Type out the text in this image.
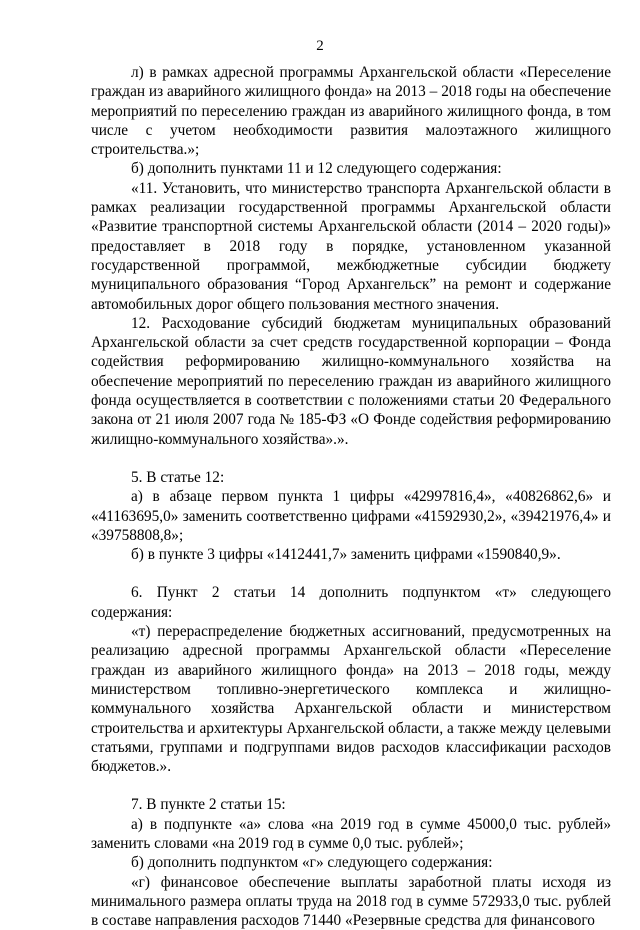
2

л) в рамках адресной программы Архангельской области «Переселение граждан из аварийного жилищного фонда» на 2013 – 2018 годы на обеспечение мероприятий по переселению граждан из аварийного жилищного фонда, в том числе с учетом необходимости развития малоэтажного жилищного строительства.»;

б) дополнить пунктами 11 и 12 следующего содержания:

«11. Установить, что министерство транспорта Архангельской области в рамках реализации государственной программы Архангельской области «Развитие транспортной системы Архангельской области (2014 – 2020 годы)» предоставляет в 2018 году в порядке, установленном указанной государственной программой, межбюджетные субсидии бюджету муниципального образования “Город Архангельск” на ремонт и содержание автомобильных дорог общего пользования местного значения.

12. Расходование субсидий бюджетам муниципальных образований Архангельской области за счет средств государственной корпорации – Фонда содействия реформированию жилищно-коммунального хозяйства на обеспечение мероприятий по переселению граждан из аварийного жилищного фонда осуществляется в соответствии с положениями статьи 20 Федерального закона от 21 июля 2007 года № 185-ФЗ «О Фонде содействия реформированию жилищно-коммунального хозяйства».».

5. В статье 12:

а) в абзаце первом пункта 1 цифры «42997816,4», «40826862,6» и «41163695,0» заменить соответственно цифрами «41592930,2», «39421976,4» и «39758808,8»;

б) в пункте 3 цифры «1412441,7» заменить цифрами «1590840,9».

6. Пункт 2 статьи 14 дополнить подпунктом «т» следующего содержания:

«т) перераспределение бюджетных ассигнований, предусмотренных на реализацию адресной программы Архангельской области «Переселение граждан из аварийного жилищного фонда» на 2013 – 2018 годы, между министерством топливно-энергетического комплекса и жилищно-коммунального хозяйства Архангельской области и министерством строительства и архитектуры Архангельской области, а также между целевыми статьями, группами и подгруппами видов расходов классификации расходов бюджетов.».

7. В пункте 2 статьи 15:

а) в подпункте «а» слова «на 2019 год в сумме 45000,0 тыс. рублей» заменить словами «на 2019 год в сумме 0,0 тыс. рублей»;

б) дополнить подпунктом «г» следующего содержания:

«г) финансовое обеспечение выплаты заработной платы исходя из минимального размера оплаты труда на 2018 год в сумме 572933,0 тыс. рублей в составе направления расходов 71440 «Резервные средства для финансового
